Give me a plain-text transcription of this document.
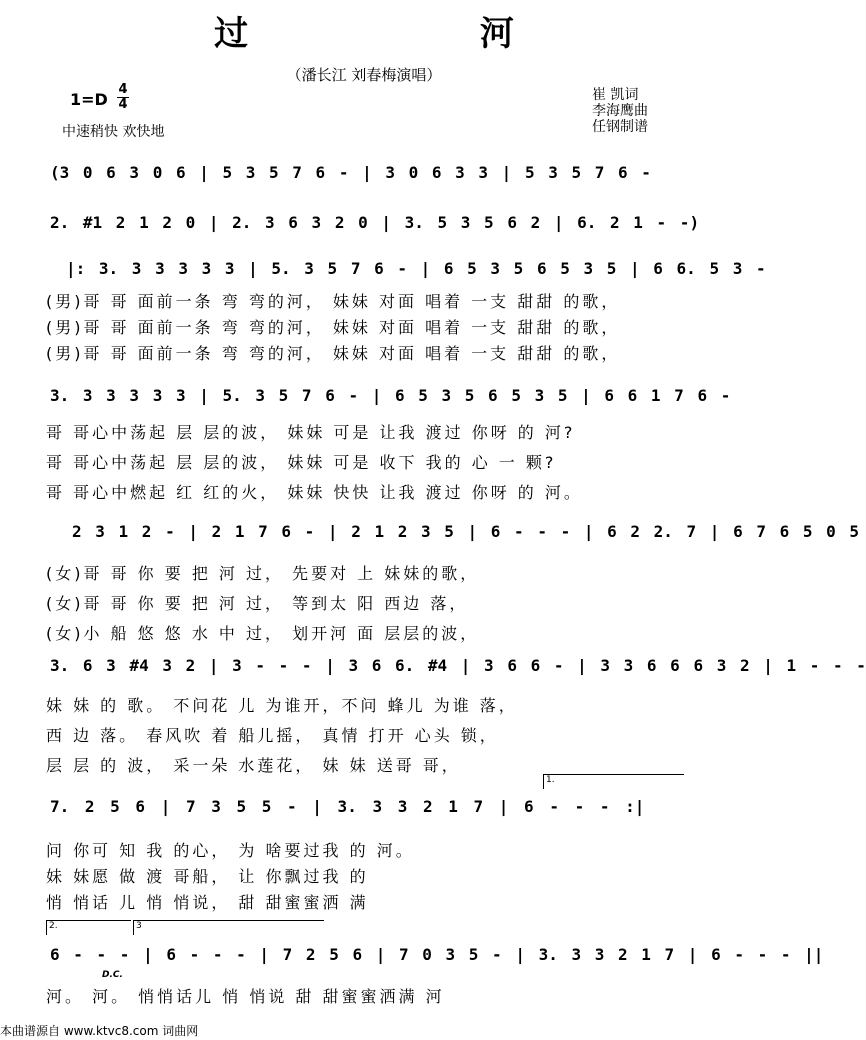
过 河
（潘长江 刘春梅演唱）
1=D
4
4
中速稍快 欢快地
崔 凯词
李海鹰曲
任钢制谱
(3 0 6 3 0 6 | 5 3 5 7 6 - | 3 0 6 3 3 | 5 3 5 7 6 -
2. #1 2 1 2 0 | 2. 3 6 3 2 0 | 3. 5 3 5 6 2 | 6. 2 1 - -)
|: 3. 3 3 3 3 3 | 5. 3 5 7 6 - | 6 5 3 5 6 5 3 5 | 6 6. 5 3 -
(男)哥 哥 面前一条 弯 弯的河， 妹妹 对面 唱着 一支 甜甜 的歌，
(男)哥 哥 面前一条 弯 弯的河， 妹妹 对面 唱着 一支 甜甜 的歌，
(男)哥 哥 面前一条 弯 弯的河， 妹妹 对面 唱着 一支 甜甜 的歌，
3. 3 3 3 3 3 | 5. 3 5 7 6 - | 6 5 3 5 6 5 3 5 | 6 6 1 7 6 -
哥 哥心中荡起 层 层的波， 妹妹 可是 让我 渡过 你呀 的 河?
哥 哥心中荡起 层 层的波， 妹妹 可是 收下 我的 心 一 颗?
哥 哥心中燃起 红 红的火， 妹妹 快快 让我 渡过 你呀 的 河。
2 3 1 2 - | 2 1 7 6 - | 2 1 2 3 5 | 6 - - - | 6 2 2. 7 | 6 7 6 5 0 5
(女)哥 哥 你 要 把 河 过， 先要对 上 妹妹的歌，
(女)哥 哥 你 要 把 河 过， 等到太 阳 西边 落，
(女)小 船 悠 悠 水 中 过， 划开河 面 层层的波，
3. 6 3 #4 3 2 | 3 - - - | 3 6 6. #4 | 3 6 6 - | 3 3 6 6 6 3 2 | 1 - - -
妹 妹 的 歌。 不问花 儿 为谁开，不问 蜂儿 为谁 落，
西 边 落。 春风吹 着 船儿摇， 真情 打开 心头 锁，
层 层 的 波， 采一朵 水莲花， 妹 妹 送哥 哥，
1.
7. 2 5 6 | 7 3 5 5 - | 3. 3 3 2 1 7 | 6 - - - :|
问 你可 知 我 的心， 为 啥要过我 的 河。
妹 妹愿 做 渡 哥船， 让 你飘过我 的
悄 悄话 儿 悄 悄说， 甜 甜蜜蜜洒 满
2.	3
6 - - - | 6 - - - | 7 2 5 6 | 7 0 3 5 - | 3. 3 3 2 1 7 | 6 - - - ||
D.C.
河。 河。 悄悄话儿 悄 悄说 甜 甜蜜蜜洒满 河
本曲谱源自 www.ktvc8.com 词曲网
